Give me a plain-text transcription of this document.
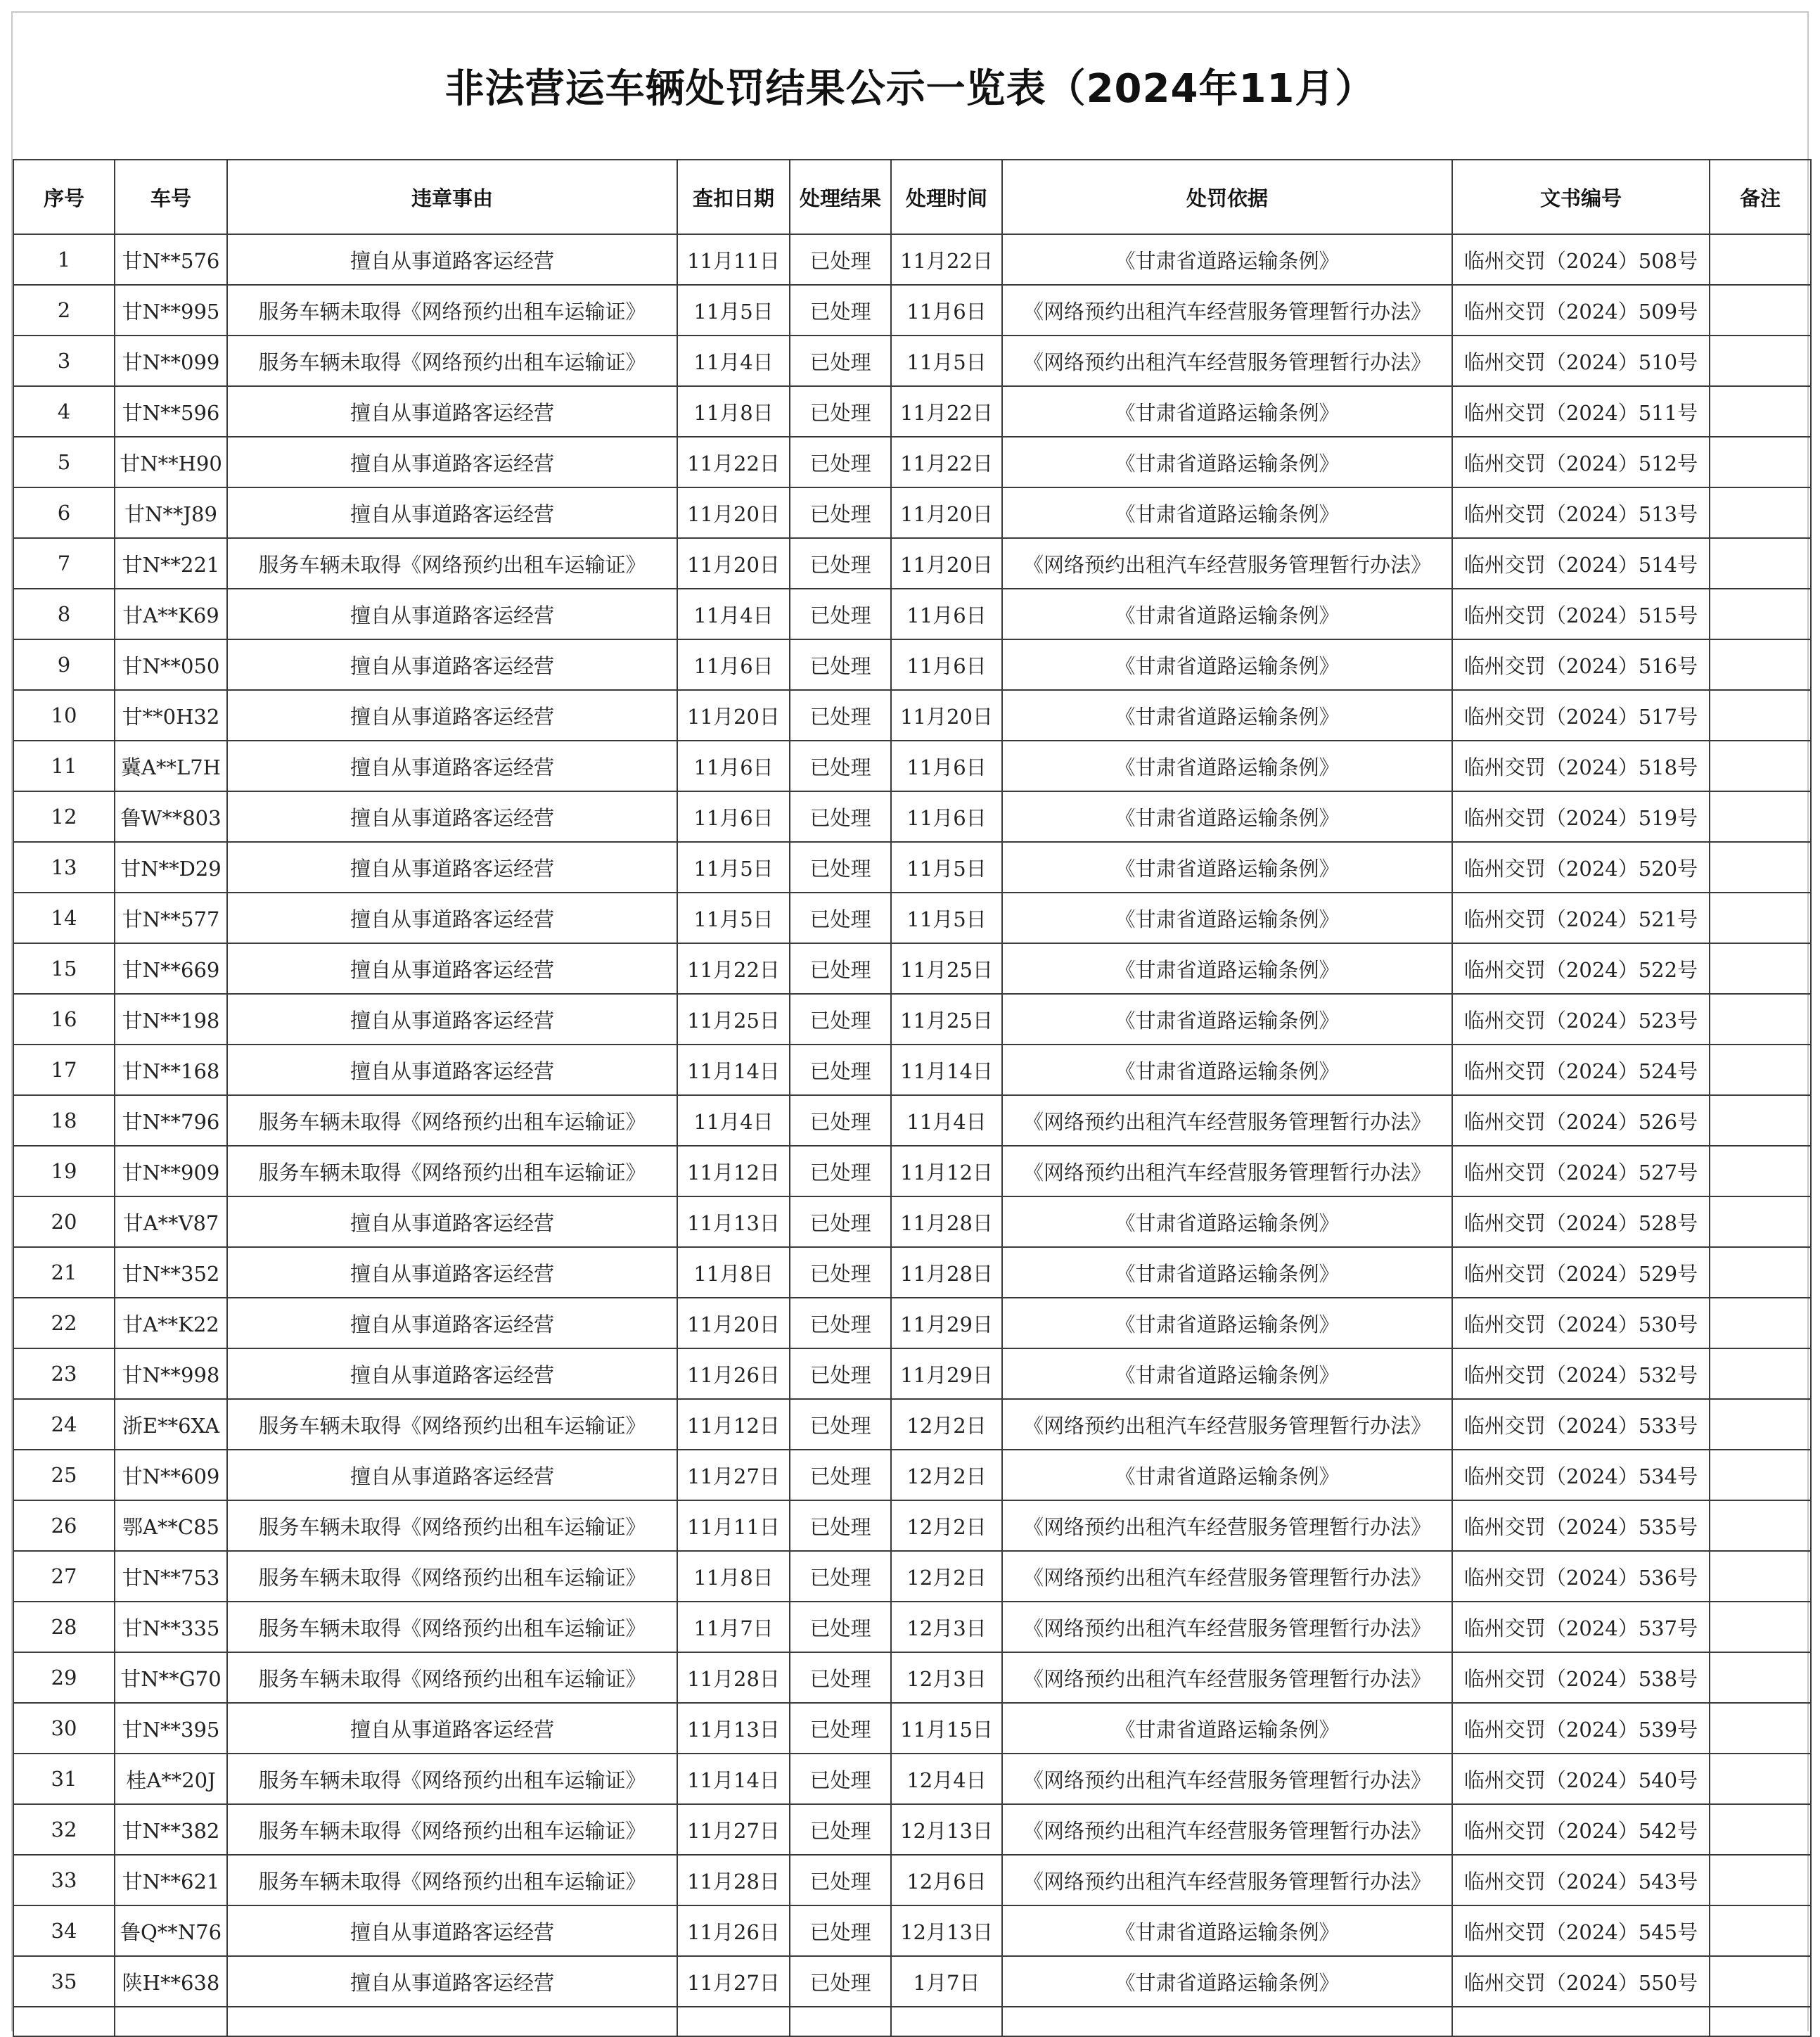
非法营运车辆处罚结果公示一览表（2024年11月）
序号	车号	违章事由	查扣日期	处理结果	处理时间	处罚依据	文书编号	备注
1	甘N**576	擅自从事道路客运经营	11月11日	已处理	11月22日	《甘肃省道路运输条例》	临州交罚（2024）508号	
2	甘N**995	服务车辆未取得《网络预约出租车运输证》	11月5日	已处理	11月6日	《网络预约出租汽车经营服务管理暂行办法》	临州交罚（2024）509号	
3	甘N**099	服务车辆未取得《网络预约出租车运输证》	11月4日	已处理	11月5日	《网络预约出租汽车经营服务管理暂行办法》	临州交罚（2024）510号	
4	甘N**596	擅自从事道路客运经营	11月8日	已处理	11月22日	《甘肃省道路运输条例》	临州交罚（2024）511号	
5	甘N**H90	擅自从事道路客运经营	11月22日	已处理	11月22日	《甘肃省道路运输条例》	临州交罚（2024）512号	
6	甘N**J89	擅自从事道路客运经营	11月20日	已处理	11月20日	《甘肃省道路运输条例》	临州交罚（2024）513号	
7	甘N**221	服务车辆未取得《网络预约出租车运输证》	11月20日	已处理	11月20日	《网络预约出租汽车经营服务管理暂行办法》	临州交罚（2024）514号	
8	甘A**K69	擅自从事道路客运经营	11月4日	已处理	11月6日	《甘肃省道路运输条例》	临州交罚（2024）515号	
9	甘N**050	擅自从事道路客运经营	11月6日	已处理	11月6日	《甘肃省道路运输条例》	临州交罚（2024）516号	
10	甘**0H32	擅自从事道路客运经营	11月20日	已处理	11月20日	《甘肃省道路运输条例》	临州交罚（2024）517号	
11	冀A**L7H	擅自从事道路客运经营	11月6日	已处理	11月6日	《甘肃省道路运输条例》	临州交罚（2024）518号	
12	鲁W**803	擅自从事道路客运经营	11月6日	已处理	11月6日	《甘肃省道路运输条例》	临州交罚（2024）519号	
13	甘N**D29	擅自从事道路客运经营	11月5日	已处理	11月5日	《甘肃省道路运输条例》	临州交罚（2024）520号	
14	甘N**577	擅自从事道路客运经营	11月5日	已处理	11月5日	《甘肃省道路运输条例》	临州交罚（2024）521号	
15	甘N**669	擅自从事道路客运经营	11月22日	已处理	11月25日	《甘肃省道路运输条例》	临州交罚（2024）522号	
16	甘N**198	擅自从事道路客运经营	11月25日	已处理	11月25日	《甘肃省道路运输条例》	临州交罚（2024）523号	
17	甘N**168	擅自从事道路客运经营	11月14日	已处理	11月14日	《甘肃省道路运输条例》	临州交罚（2024）524号	
18	甘N**796	服务车辆未取得《网络预约出租车运输证》	11月4日	已处理	11月4日	《网络预约出租汽车经营服务管理暂行办法》	临州交罚（2024）526号	
19	甘N**909	服务车辆未取得《网络预约出租车运输证》	11月12日	已处理	11月12日	《网络预约出租汽车经营服务管理暂行办法》	临州交罚（2024）527号	
20	甘A**V87	擅自从事道路客运经营	11月13日	已处理	11月28日	《甘肃省道路运输条例》	临州交罚（2024）528号	
21	甘N**352	擅自从事道路客运经营	11月8日	已处理	11月28日	《甘肃省道路运输条例》	临州交罚（2024）529号	
22	甘A**K22	擅自从事道路客运经营	11月20日	已处理	11月29日	《甘肃省道路运输条例》	临州交罚（2024）530号	
23	甘N**998	擅自从事道路客运经营	11月26日	已处理	11月29日	《甘肃省道路运输条例》	临州交罚（2024）532号	
24	浙E**6XA	服务车辆未取得《网络预约出租车运输证》	11月12日	已处理	12月2日	《网络预约出租汽车经营服务管理暂行办法》	临州交罚（2024）533号	
25	甘N**609	擅自从事道路客运经营	11月27日	已处理	12月2日	《甘肃省道路运输条例》	临州交罚（2024）534号	
26	鄂A**C85	服务车辆未取得《网络预约出租车运输证》	11月11日	已处理	12月2日	《网络预约出租汽车经营服务管理暂行办法》	临州交罚（2024）535号	
27	甘N**753	服务车辆未取得《网络预约出租车运输证》	11月8日	已处理	12月2日	《网络预约出租汽车经营服务管理暂行办法》	临州交罚（2024）536号	
28	甘N**335	服务车辆未取得《网络预约出租车运输证》	11月7日	已处理	12月3日	《网络预约出租汽车经营服务管理暂行办法》	临州交罚（2024）537号	
29	甘N**G70	服务车辆未取得《网络预约出租车运输证》	11月28日	已处理	12月3日	《网络预约出租汽车经营服务管理暂行办法》	临州交罚（2024）538号	
30	甘N**395	擅自从事道路客运经营	11月13日	已处理	11月15日	《甘肃省道路运输条例》	临州交罚（2024）539号	
31	桂A**20J	服务车辆未取得《网络预约出租车运输证》	11月14日	已处理	12月4日	《网络预约出租汽车经营服务管理暂行办法》	临州交罚（2024）540号	
32	甘N**382	服务车辆未取得《网络预约出租车运输证》	11月27日	已处理	12月13日	《网络预约出租汽车经营服务管理暂行办法》	临州交罚（2024）542号	
33	甘N**621	服务车辆未取得《网络预约出租车运输证》	11月28日	已处理	12月6日	《网络预约出租汽车经营服务管理暂行办法》	临州交罚（2024）543号	
34	鲁Q**N76	擅自从事道路客运经营	11月26日	已处理	12月13日	《甘肃省道路运输条例》	临州交罚（2024）545号	
35	陕H**638	擅自从事道路客运经营	11月27日	已处理	1月7日	《甘肃省道路运输条例》	临州交罚（2024）550号	
